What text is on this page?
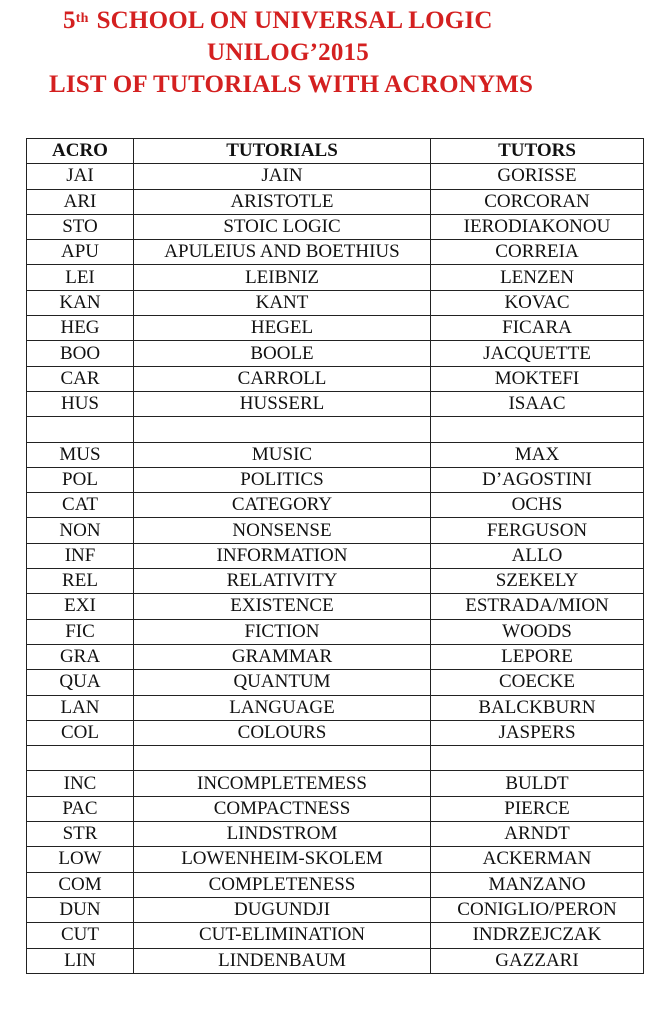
5th SCHOOL ON UNIVERSAL LOGIC
UNILOG’2015
LIST OF TUTORIALS WITH ACRONYMS
ACRO	TUTORIALS	TUTORS
JAI	JAIN	GORISSE
ARI	ARISTOTLE	CORCORAN
STO	STOIC LOGIC	IERODIAKONOU
APU	APULEIUS AND BOETHIUS	CORREIA
LEI	LEIBNIZ	LENZEN
KAN	KANT	KOVAC
HEG	HEGEL	FICARA
BOO	BOOLE	JACQUETTE
CAR	CARROLL	MOKTEFI
HUS	HUSSERL	ISAAC

MUS	MUSIC	MAX
POL	POLITICS	D’AGOSTINI
CAT	CATEGORY	OCHS
NON	NONSENSE	FERGUSON
INF	INFORMATION	ALLO
REL	RELATIVITY	SZEKELY
EXI	EXISTENCE	ESTRADA/MION
FIC	FICTION	WOODS
GRA	GRAMMAR	LEPORE
QUA	QUANTUM	COECKE
LAN	LANGUAGE	BALCKBURN
COL	COLOURS	JASPERS

INC	INCOMPLETEMESS	BULDT
PAC	COMPACTNESS	PIERCE
STR	LINDSTROM	ARNDT
LOW	LOWENHEIM-SKOLEM	ACKERMAN
COM	COMPLETENESS	MANZANO
DUN	DUGUNDJI	CONIGLIO/PERON
CUT	CUT-ELIMINATION	INDRZEJCZAK
LIN	LINDENBAUM	GAZZARI
